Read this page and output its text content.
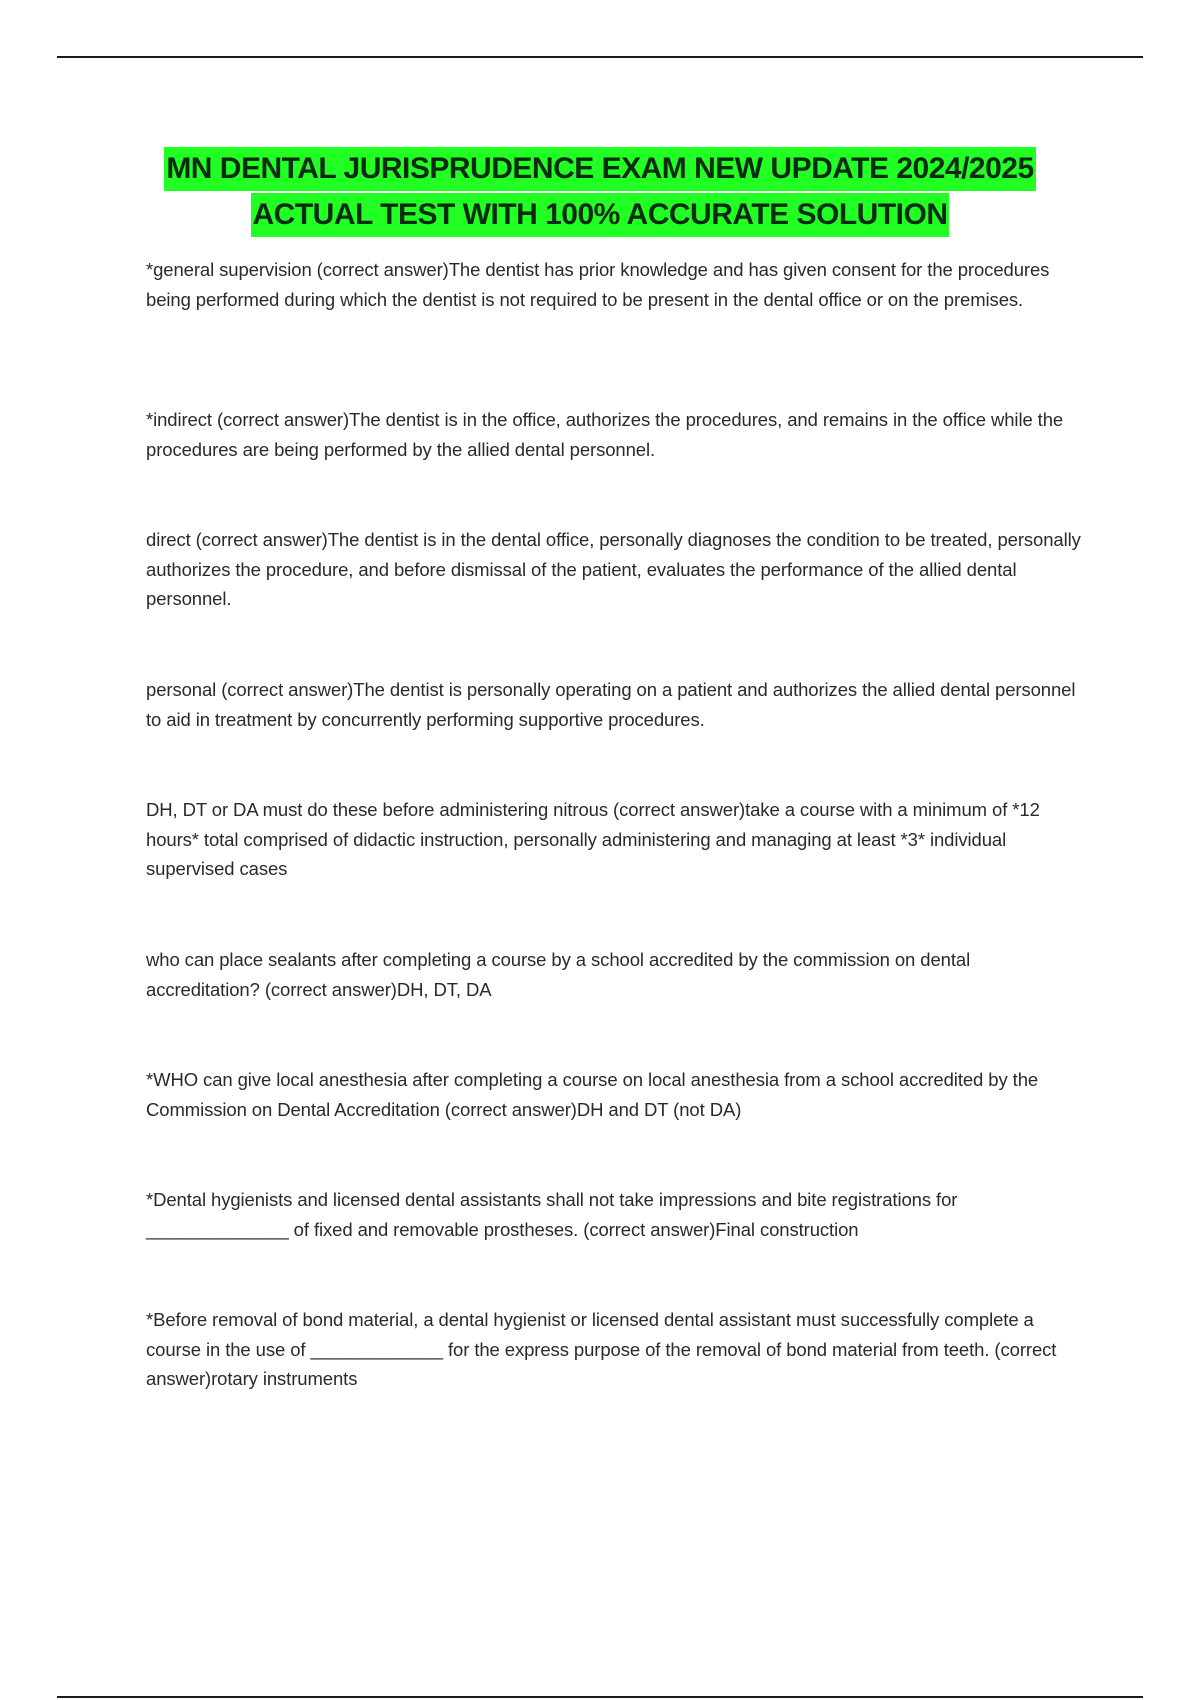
MN DENTAL JURISPRUDENCE EXAM NEW UPDATE 2024/2025
ACTUAL TEST WITH 100% ACCURATE SOLUTION

*general supervision (correct answer)The dentist has prior knowledge and has given consent for the procedures being performed during which the dentist is not required to be present in the dental office or on the premises.

*indirect (correct answer)The dentist is in the office, authorizes the procedures, and remains in the office while the procedures are being performed by the allied dental personnel.

direct (correct answer)The dentist is in the dental office, personally diagnoses the condition to be treated, personally authorizes the procedure, and before dismissal of the patient, evaluates the performance of the allied dental personnel.

personal (correct answer)The dentist is personally operating on a patient and authorizes the allied dental personnel to aid in treatment by concurrently performing supportive procedures.

DH, DT or DA must do these before administering nitrous (correct answer)take a course with a minimum of *12 hours* total comprised of didactic instruction, personally administering and managing at least *3* individual supervised cases

who can place sealants after completing a course by a school accredited by the commission on dental accreditation? (correct answer)DH, DT, DA

*WHO can give local anesthesia after completing a course on local anesthesia from a school accredited by the Commission on Dental Accreditation (correct answer)DH and DT (not DA)

*Dental hygienists and licensed dental assistants shall not take impressions and bite registrations for ______________ of fixed and removable prostheses. (correct answer)Final construction

*Before removal of bond material, a dental hygienist or licensed dental assistant must successfully complete a course in the use of _____________ for the express purpose of the removal of bond material from teeth. (correct answer)rotary instruments
